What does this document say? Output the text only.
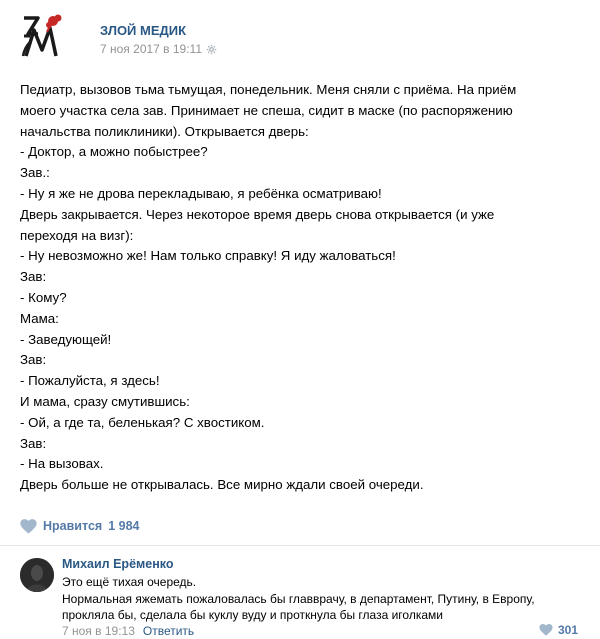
ЗЛОЙ МЕДИК
7 ноя 2017 в 19:11

Педиатр, вызовов тьма тьмущая, понедельник. Меня сняли с приёма. На приём

моего участка села зав. Принимает не спеша, сидит в маске (по распоряжению

начальства поликлиники). Открывается дверь:

- Доктор, а можно побыстрее?

Зав.:

- Ну я же не дрова перекладываю, я ребёнка осматриваю!

Дверь закрывается. Через некоторое время дверь снова открывается (и уже

переходя на визг):

- Ну невозможно же! Нам только справку! Я иду жаловаться!

Зав:

- Кому?

Мама:

- Заведующей!

Зав:

- Пожалуйста, я здесь!

И мама, сразу смутившись:

- Ой, а где та, беленькая? С хвостиком.

Зав:

- На вызовах.

Дверь больше не открывалась. Все мирно ждали своей очереди.

Нравится 1 984
Михаил Ерёменко

Это ещё тихая очередь.

Нормальная яжемать пожаловалась бы главврачу, в департамент, Путину, в Европу,

прокляла бы, сделала бы куклу вуду и проткнула бы глаза иголками

7 ноя в 19:13 Ответить	301
